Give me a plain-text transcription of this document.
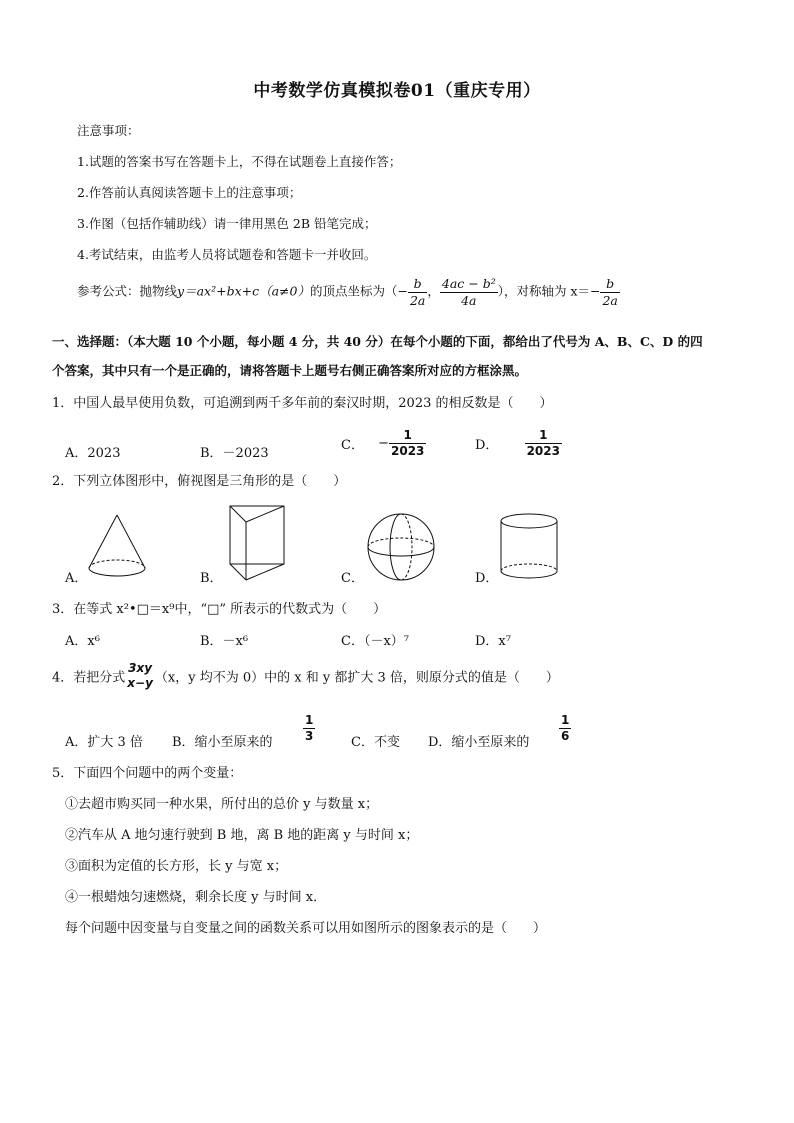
中考数学仿真模拟卷01（重庆专用）
注意事项：
1.试题的答案书写在答题卡上，不得在试题卷上直接作答；
2.作答前认真阅读答题卡上的注意事项；
3.作图（包括作辅助线）请一律用黑色 2B 铅笔完成；
4.考试结束，由监考人员将试题卷和答题卡一并收回。
参考公式：抛物线y＝ax²+bx+c（a≠0）的顶点坐标为（− $\frac{b}{2a}$ ， $\frac{\text{4ac − b²}}{4a}$ ），对称轴为 $x=- \frac{b}{2a}$
一、选择题：（本大题 10 个小题，每小题 4 分，共 40 分）在每个小题的下面，都给出了代号为 A、B、C、D 的四
个答案，其中只有一个是正确的，请将答题卡上题号右侧正确答案所对应的方框涂黑。
1．中国人最早使用负数，可追溯到两千多年前的秦汉时期，2023 的相反数是（　　）
A．2023	B．－2023
C． − $\frac{1}{2023}$	D． $\frac{1}{2023}$
2．下列立体图形中，俯视图是三角形的是（　　）
A．	B．	C．	D．
3．在等式 x²•□＝x⁹中，“□” 所表示的代数式为（　　）
A．x⁶	B．－x⁶	C．（－x）⁷	D．x⁷
4．若把分式
3xy
x−y （x，y 均不为 0）中的 x 和 y 都扩大 3 倍，则原分式的值是（　　）
A．扩大 3 倍 B．缩小至原来的	$\frac{1}{3}$	C．不变 D．缩小至原来的 $\frac{1}{6}$
5．下面四个问题中的两个变量：
①去超市购买同一种水果，所付出的总价 y 与数量 x；
②汽车从 A 地匀速行驶到 B 地，离 B 地的距离 y 与时间 x；
③面积为定值的长方形，长 y 与宽 x；
④一根蜡烛匀速燃烧，剩余长度 y 与时间 x．
每个问题中因变量与自变量之间的函数关系可以用如图所示的图象表示的是（　　）
